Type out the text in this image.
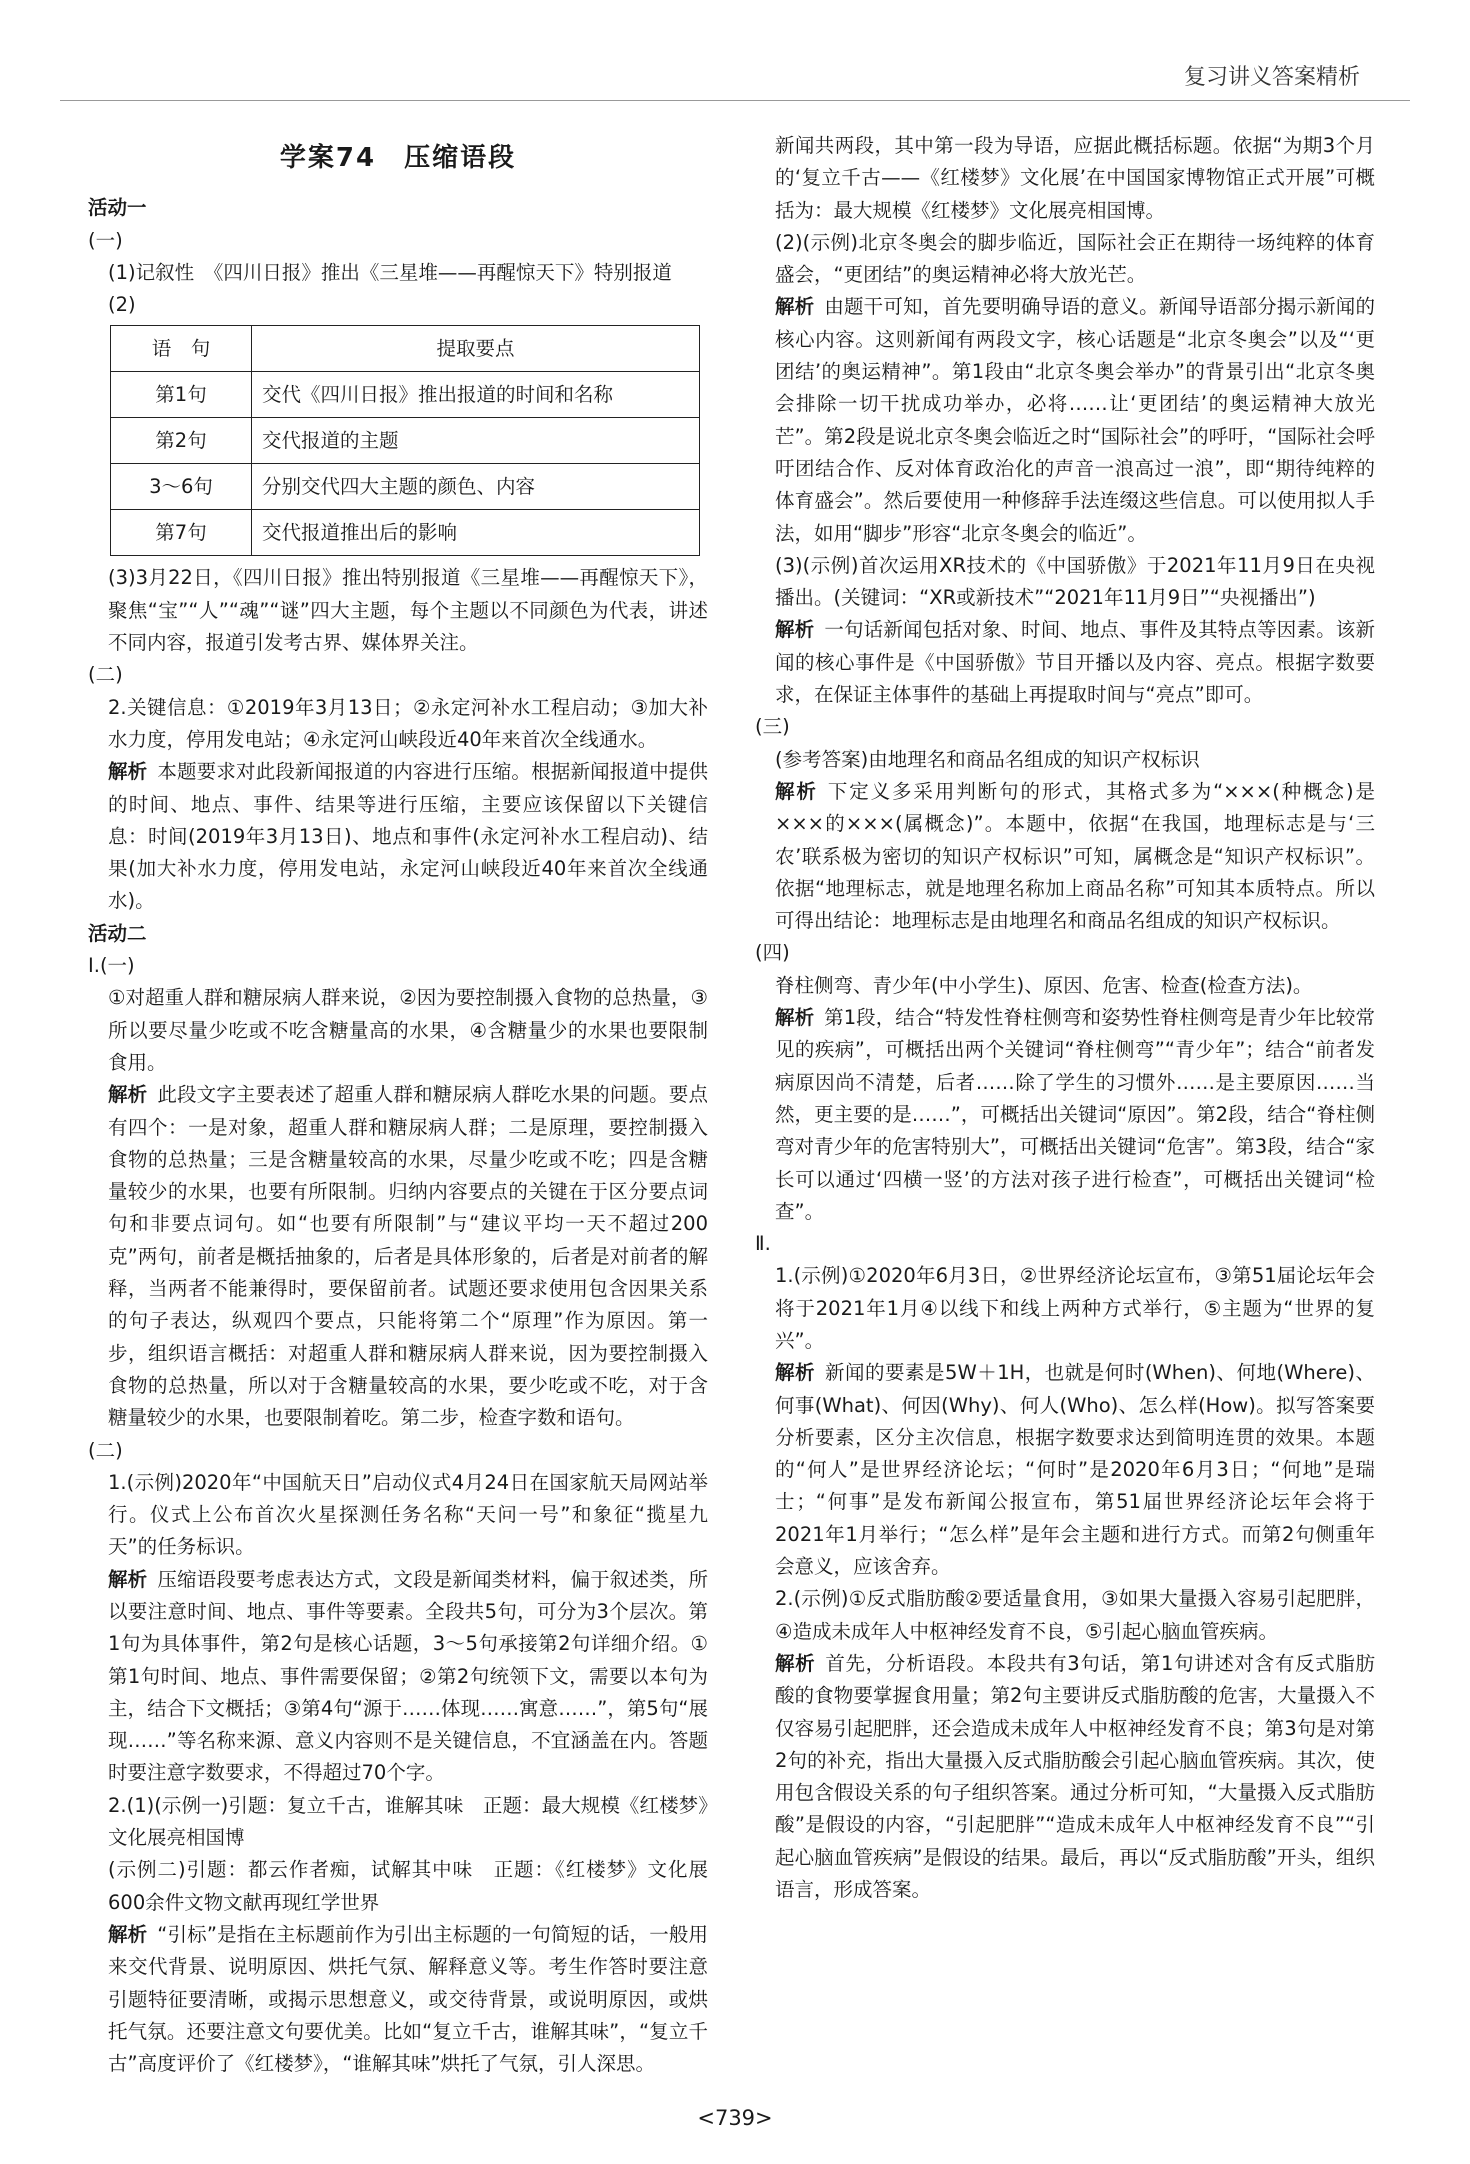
复习讲义答案精析
学案74　压缩语段

活动一

(一)

(1)记叙性　《四川日报》推出《三星堆——再醒惊天下》特别报道

(2)

语　句	提取要点
第1句	交代《四川日报》推出报道的时间和名称
第2句	交代报道的主题
3～6句	分别交代四大主题的颜色、内容
第7句	交代报道推出后的影响

(3)3月22日，《四川日报》推出特别报道《三星堆——再醒惊天下》，聚焦“宝”“人”“魂”“谜”四大主题，每个主题以不同颜色为代表，讲述不同内容，报道引发考古界、媒体界关注。

(二)

2.关键信息：①2019年3月13日；②永定河补水工程启动；③加大补水力度，停用发电站；④永定河山峡段近40年来首次全线通水。

解析 本题要求对此段新闻报道的内容进行压缩。根据新闻报道中提供的时间、地点、事件、结果等进行压缩，主要应该保留以下关键信息：时间(2019年3月13日)、地点和事件(永定河补水工程启动)、结果(加大补水力度，停用发电站，永定河山峡段近40年来首次全线通水)。

活动二

Ⅰ.(一)

①对超重人群和糖尿病人群来说，②因为要控制摄入食物的总热量，③所以要尽量少吃或不吃含糖量高的水果，④含糖量少的水果也要限制食用。

解析 此段文字主要表述了超重人群和糖尿病人群吃水果的问题。要点有四个：一是对象，超重人群和糖尿病人群；二是原理，要控制摄入食物的总热量；三是含糖量较高的水果，尽量少吃或不吃；四是含糖量较少的水果，也要有所限制。归纳内容要点的关键在于区分要点词句和非要点词句。如“也要有所限制”与“建议平均一天不超过200克”两句，前者是概括抽象的，后者是具体形象的，后者是对前者的解释，当两者不能兼得时，要保留前者。试题还要求使用包含因果关系的句子表达，纵观四个要点，只能将第二个“原理”作为原因。第一步，组织语言概括：对超重人群和糖尿病人群来说，因为要控制摄入食物的总热量，所以对于含糖量较高的水果，要少吃或不吃，对于含糖量较少的水果，也要限制着吃。第二步，检查字数和语句。

(二)

1.(示例)2020年“中国航天日”启动仪式4月24日在国家航天局网站举行。仪式上公布首次火星探测任务名称“天问一号”和象征“揽星九天”的任务标识。

解析 压缩语段要考虑表达方式，文段是新闻类材料，偏于叙述类，所以要注意时间、地点、事件等要素。全段共5句，可分为3个层次。第1句为具体事件，第2句是核心话题，3～5句承接第2句详细介绍。①第1句时间、地点、事件需要保留；②第2句统领下文，需要以本句为主，结合下文概括；③第4句“源于……体现……寓意……”，第5句“展现……”等名称来源、意义内容则不是关键信息，不宜涵盖在内。答题时要注意字数要求，不得超过70个字。

2.(1)(示例一)引题：复立千古，谁解其味　正题：最大规模《红楼梦》文化展亮相国博

(示例二)引题：都云作者痴，试解其中味　正题：《红楼梦》文化展600余件文物文献再现红学世界

解析 “引标”是指在主标题前作为引出主标题的一句简短的话，一般用来交代背景、说明原因、烘托气氛、解释意义等。考生作答时要注意引题特征要清晰，或揭示思想意义，或交待背景，或说明原因，或烘托气氛。还要注意文句要优美。比如“复立千古，谁解其味”，“复立千古”高度评价了《红楼梦》，“谁解其味”烘托了气氛，引人深思。

新闻共两段，其中第一段为导语，应据此概括标题。依据“为期3个月的‘复立千古——《红楼梦》文化展’在中国国家博物馆正式开展”可概括为：最大规模《红楼梦》文化展亮相国博。

(2)(示例)北京冬奥会的脚步临近，国际社会正在期待一场纯粹的体育盛会，“更团结”的奥运精神必将大放光芒。

解析 由题干可知，首先要明确导语的意义。新闻导语部分揭示新闻的核心内容。这则新闻有两段文字，核心话题是“北京冬奥会”以及“‘更团结’的奥运精神”。第1段由“北京冬奥会举办”的背景引出“北京冬奥会排除一切干扰成功举办，必将……让‘更团结’的奥运精神大放光芒”。第2段是说北京冬奥会临近之时“国际社会”的呼吁，“国际社会呼吁团结合作、反对体育政治化的声音一浪高过一浪”，即“期待纯粹的体育盛会”。然后要使用一种修辞手法连缀这些信息。可以使用拟人手法，如用“脚步”形容“北京冬奥会的临近”。

(3)(示例)首次运用XR技术的《中国骄傲》于2021年11月9日在央视播出。(关键词：“XR或新技术”“2021年11月9日”“央视播出”)

解析 一句话新闻包括对象、时间、地点、事件及其特点等因素。该新闻的核心事件是《中国骄傲》节目开播以及内容、亮点。根据字数要求，在保证主体事件的基础上再提取时间与“亮点”即可。

(三)

(参考答案)由地理名和商品名组成的知识产权标识

解析 下定义多采用判断句的形式，其格式多为“×××(种概念)是×××的×××(属概念)”。本题中，依据“在我国，地理标志是与‘三农’联系极为密切的知识产权标识”可知，属概念是“知识产权标识”。依据“地理标志，就是地理名称加上商品名称”可知其本质特点。所以可得出结论：地理标志是由地理名和商品名组成的知识产权标识。

(四)

脊柱侧弯、青少年(中小学生)、原因、危害、检查(检查方法)。

解析 第1段，结合“特发性脊柱侧弯和姿势性脊柱侧弯是青少年比较常见的疾病”，可概括出两个关键词“脊柱侧弯”“青少年”；结合“前者发病原因尚不清楚，后者……除了学生的习惯外……是主要原因……当然，更主要的是……”，可概括出关键词“原因”。第2段，结合“脊柱侧弯对青少年的危害特别大”，可概括出关键词“危害”。第3段，结合“家长可以通过‘四横一竖’的方法对孩子进行检查”，可概括出关键词“检查”。

Ⅱ.

1.(示例)①2020年6月3日，②世界经济论坛宣布，③第51届论坛年会将于2021年1月④以线下和线上两种方式举行，⑤主题为“世界的复兴”。

解析 新闻的要素是5W＋1H，也就是何时(When)、何地(Where)、何事(What)、何因(Why)、何人(Who)、怎么样(How)。拟写答案要分析要素，区分主次信息，根据字数要求达到简明连贯的效果。本题的“何人”是世界经济论坛；“何时”是2020年6月3日；“何地”是瑞士；“何事”是发布新闻公报宣布，第51届世界经济论坛年会将于2021年1月举行；“怎么样”是年会主题和进行方式。而第2句侧重年会意义，应该舍弃。

2.(示例)①反式脂肪酸②要适量食用，③如果大量摄入容易引起肥胖，④造成未成年人中枢神经发育不良，⑤引起心脑血管疾病。

解析 首先，分析语段。本段共有3句话，第1句讲述对含有反式脂肪酸的食物要掌握食用量；第2句主要讲反式脂肪酸的危害，大量摄入不仅容易引起肥胖，还会造成未成年人中枢神经发育不良；第3句是对第2句的补充，指出大量摄入反式脂肪酸会引起心脑血管疾病。其次，使用包含假设关系的句子组织答案。通过分析可知，“大量摄入反式脂肪酸”是假设的内容，“引起肥胖”“造成未成年人中枢神经发育不良”“引起心脑血管疾病”是假设的结果。最后，再以“反式脂肪酸”开头，组织语言，形成答案。

<739>
